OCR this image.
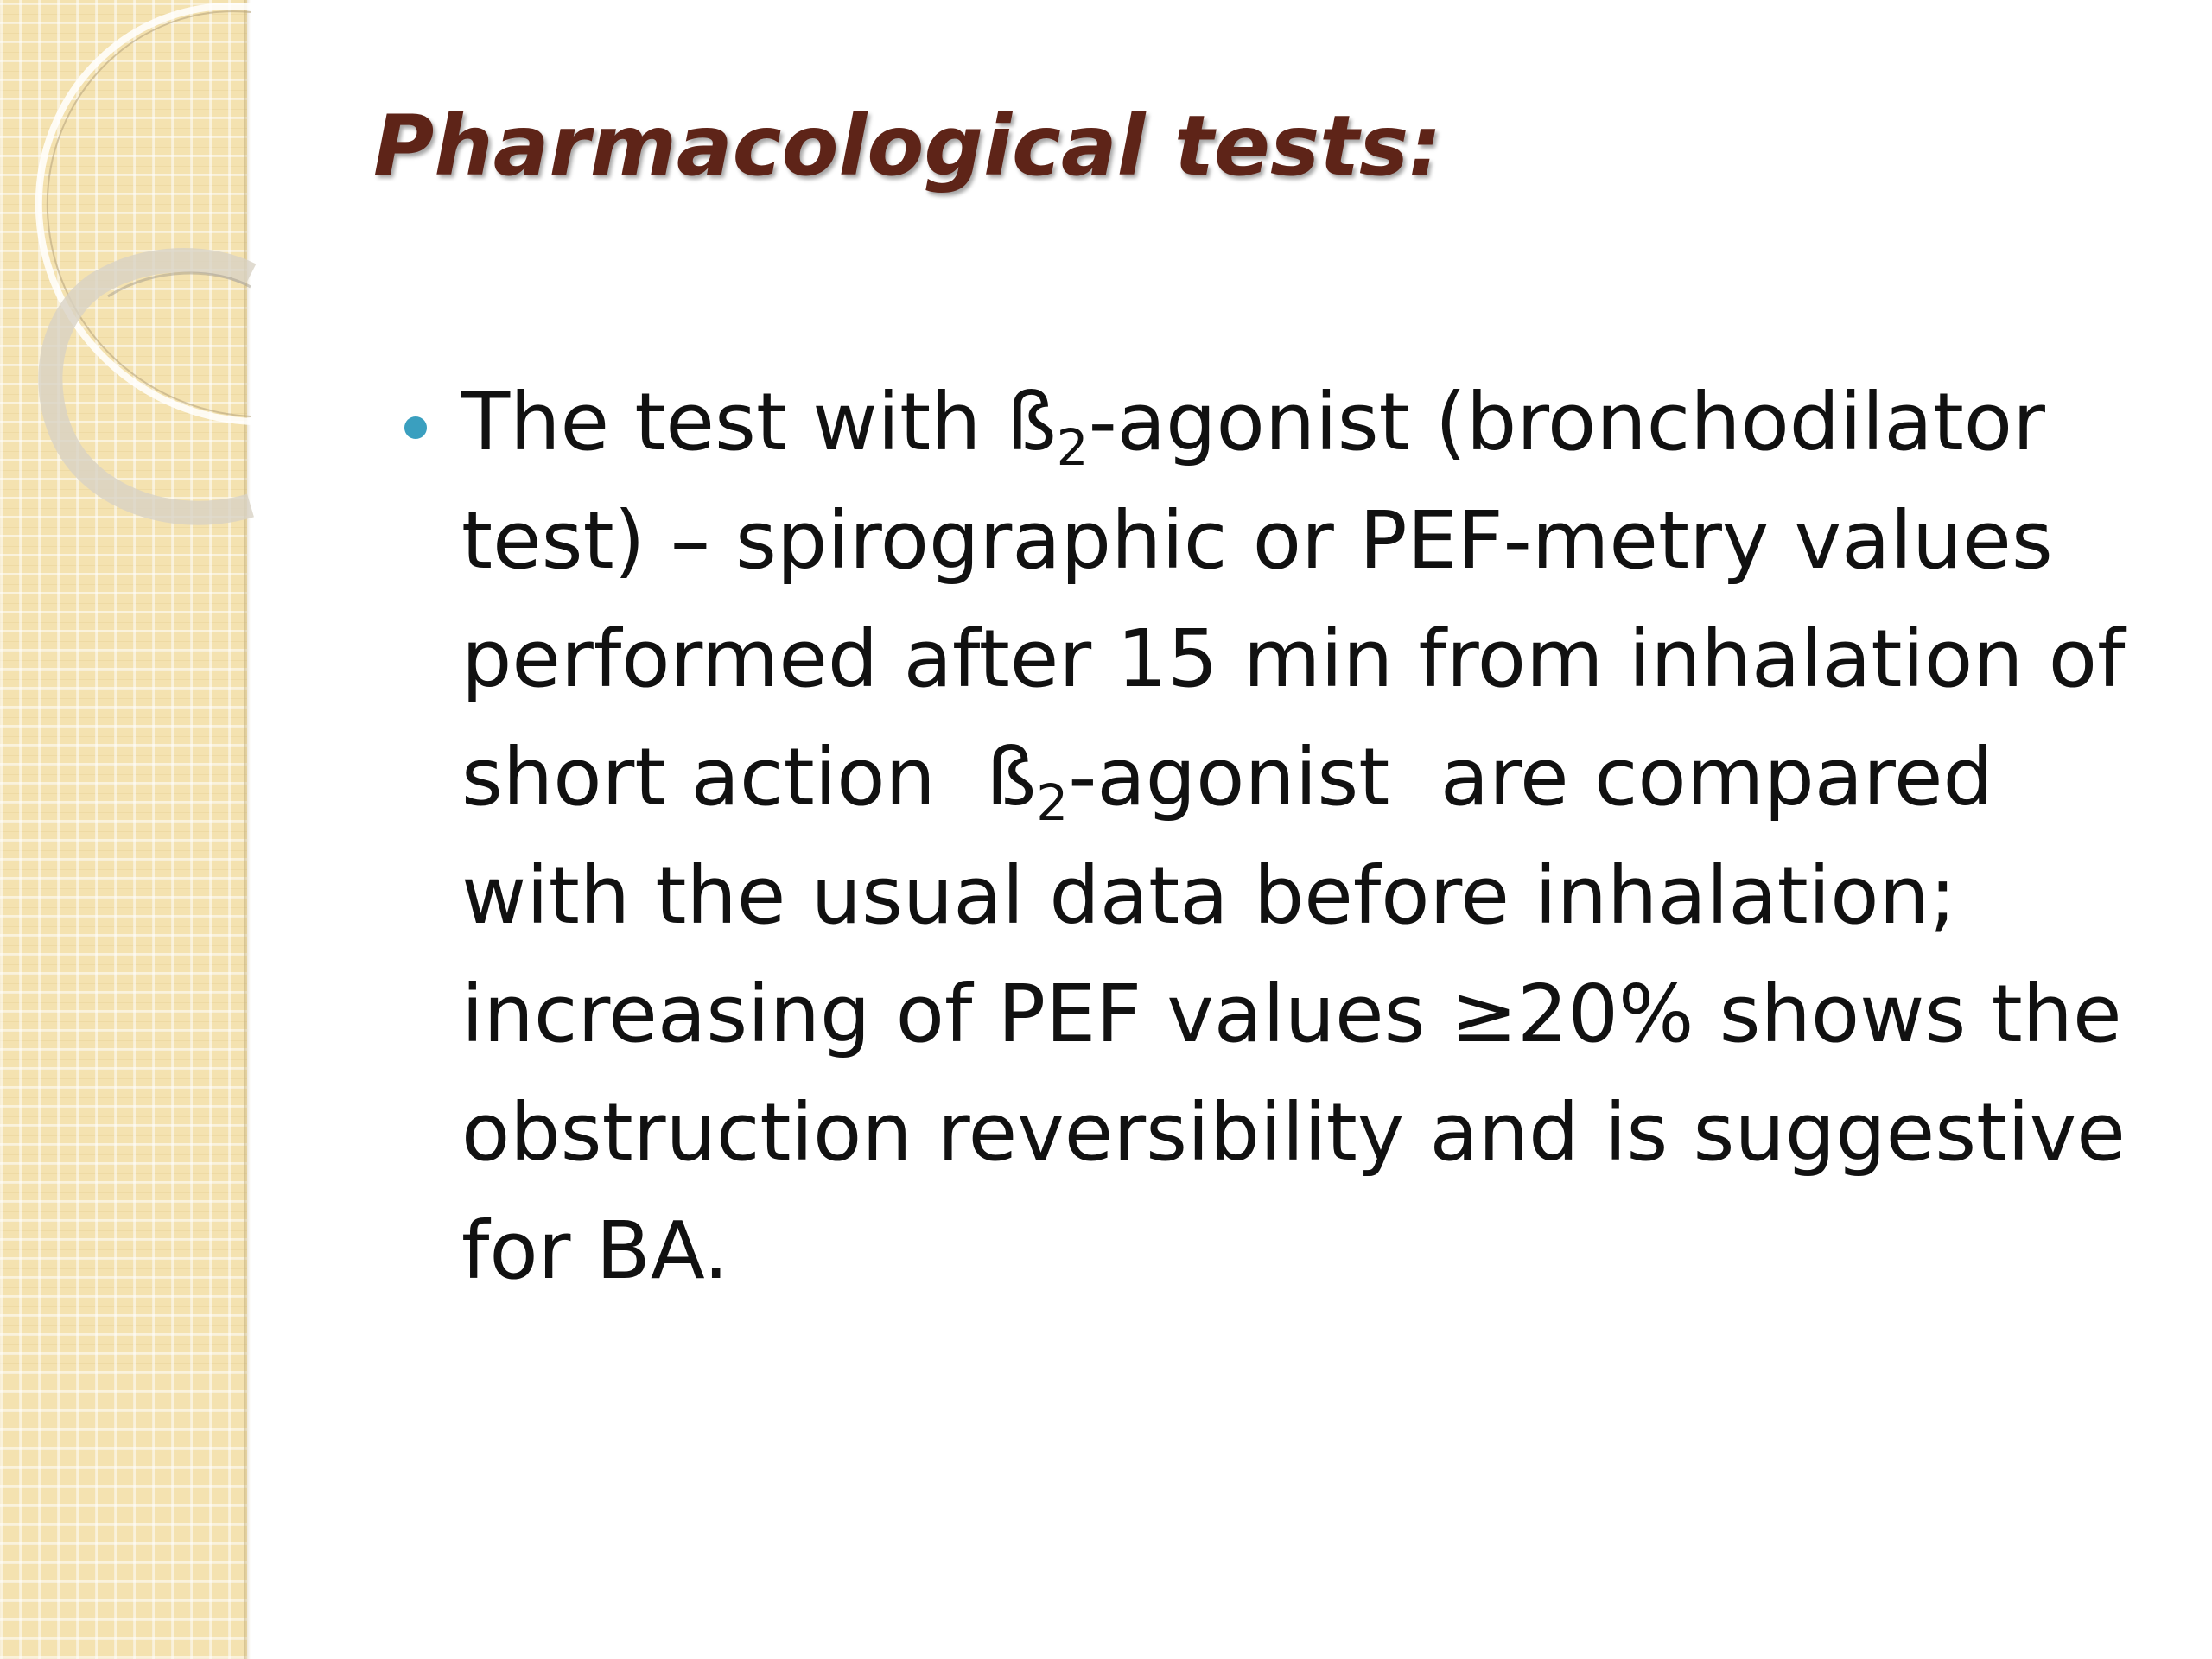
Pharmacological tests:

The test with $ß_2$-agonist (bronchodilator
test) – spirographic or PEF-metry values
performed after 15 min from inhalation of
short action  $ß_2$-agonist  are compared
with the usual data before inhalation;
increasing of PEF values ≥20% shows the
obstruction reversibility and is suggestive
for BA.
